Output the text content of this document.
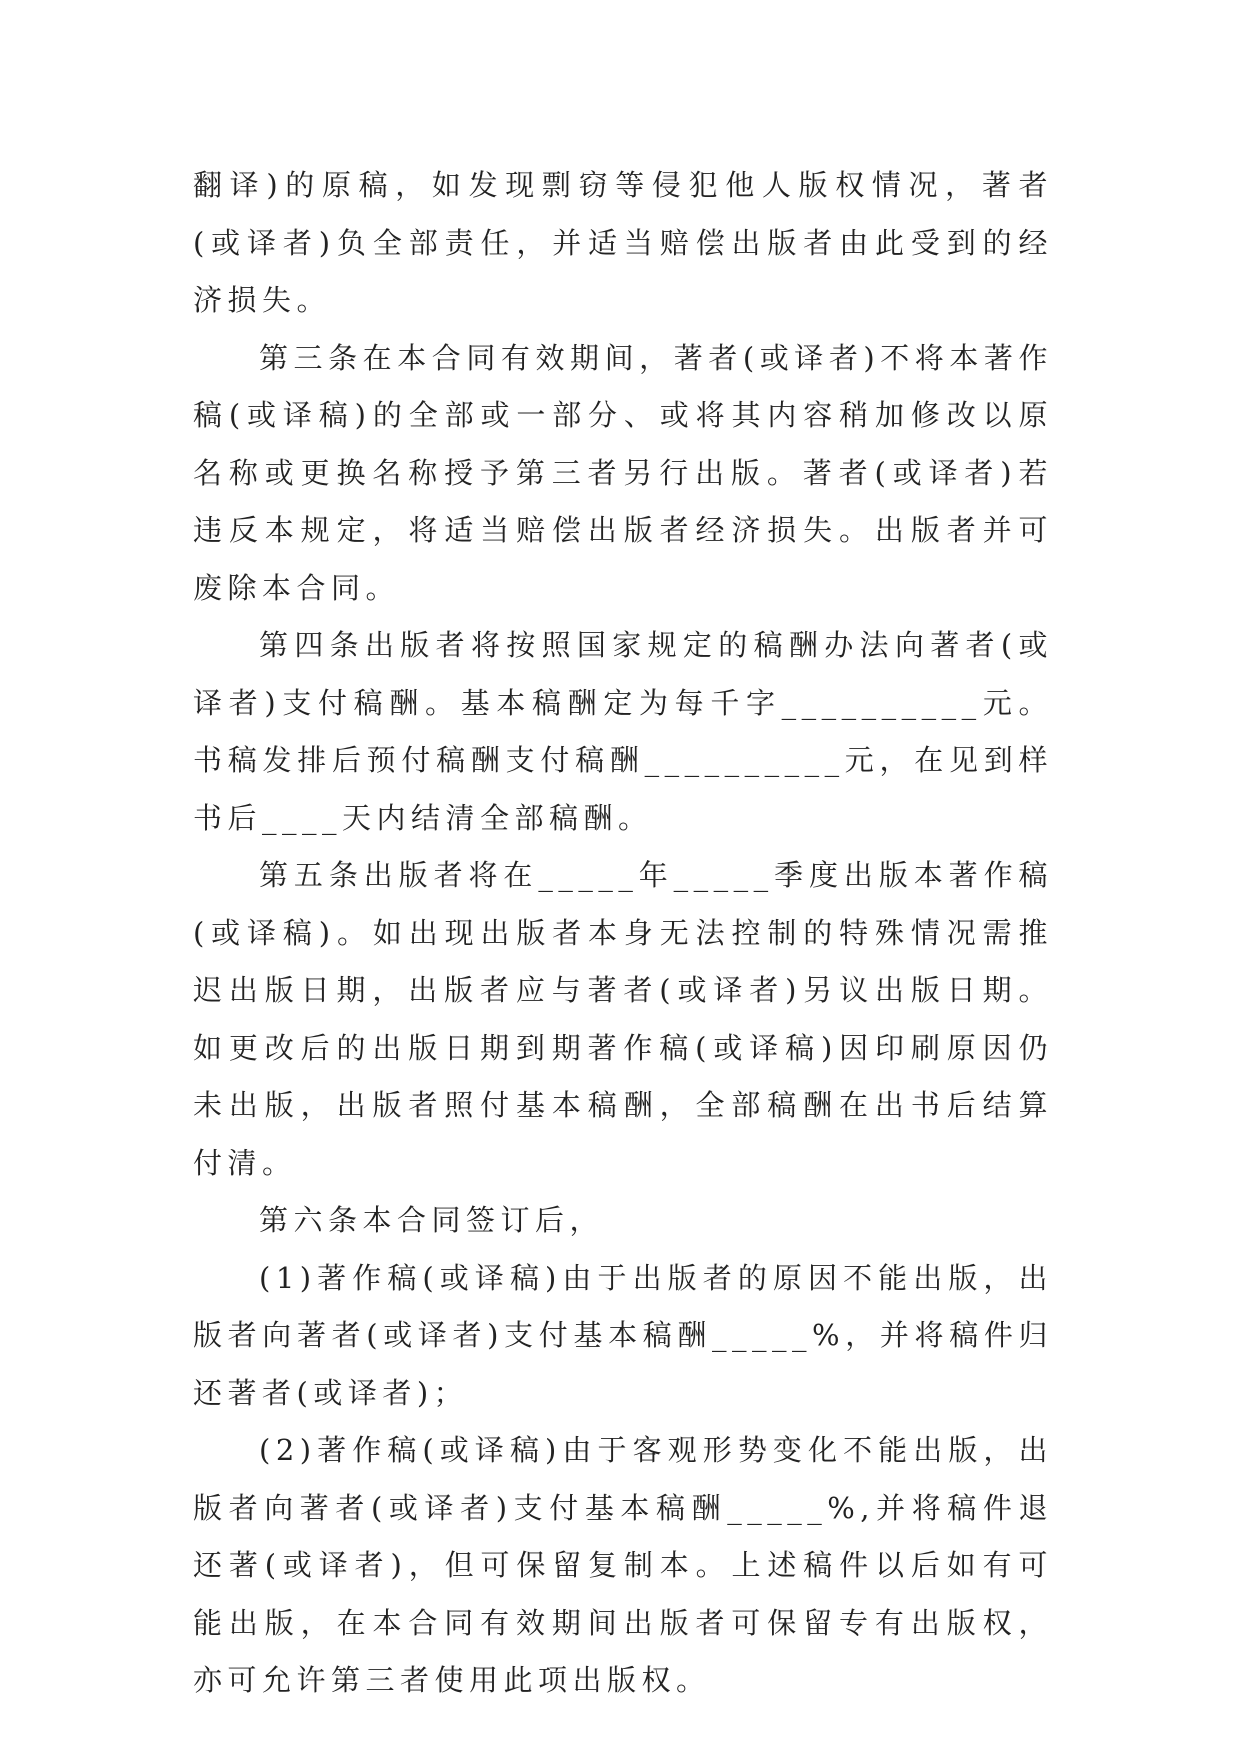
翻译)的原稿，如发现剽窃等侵犯他人版权情况，著者(或译者)负全部责任，并适当赔偿出版者由此受到的经济损失。

第三条在本合同有效期间，著者(或译者)不将本著作稿(或译稿)的全部或一部分、或将其内容稍加修改以原名称或更换名称授予第三者另行出版。著者(或译者)若违反本规定，将适当赔偿出版者经济损失。出版者并可废除本合同。

第四条出版者将按照国家规定的稿酬办法向著者(或译者)支付稿酬。基本稿酬定为每千字__________元。书稿发排后预付稿酬支付稿酬__________元，在见到样书后____天内结清全部稿酬。

第五条出版者将在_____年_____季度出版本著作稿(或译稿)。如出现出版者本身无法控制的特殊情况需推迟出版日期，出版者应与著者(或译者)另议出版日期。如更改后的出版日期到期著作稿(或译稿)因印刷原因仍未出版，出版者照付基本稿酬，全部稿酬在出书后结算付清。

第六条本合同签订后，

(1)著作稿(或译稿)由于出版者的原因不能出版，出版者向著者(或译者)支付基本稿酬_____%，并将稿件归还著者(或译者)；

(2)著作稿(或译稿)由于客观形势变化不能出版，出版者向著者(或译者)支付基本稿酬_____%,并将稿件退还著(或译者)，但可保留复制本。上述稿件以后如有可能出版，在本合同有效期间出版者可保留专有出版权，亦可允许第三者使用此项出版权。
